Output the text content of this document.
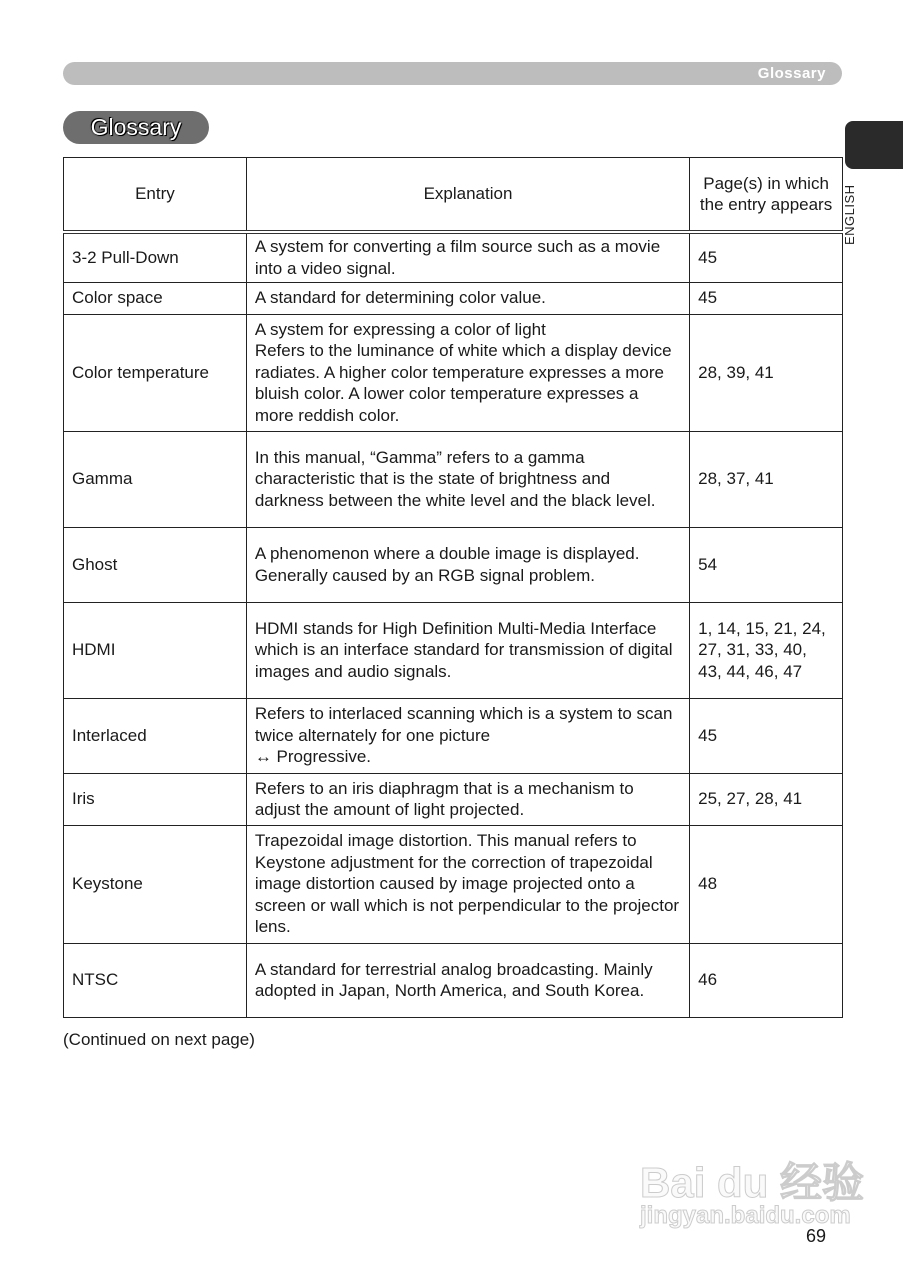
Glossary
Glossary
ENGLISH
Bai du 经验
jingyan.baidu.com
Entry	Explanation	Page(s) in which the entry appears
3-2 Pull-Down	A system for converting a film source such as a movie into a video signal.	45
Color space	A standard for determining color value.	45
Color temperature	A system for expressing a color of light
Refers to the luminance of white which a display device radiates. A higher color temperature expresses a more bluish color. A lower color temperature expresses a more reddish color.	28, 39, 41
Gamma	In this manual, “Gamma” refers to a gamma characteristic that is the state of brightness and darkness between the white level and the black level.	28, 37, 41
Ghost	A phenomenon where a double image is displayed.
Generally caused by an RGB signal problem.	54
HDMI	HDMI stands for High Definition Multi-Media Interface which is an interface standard for transmission of digital images and audio signals.	1, 14, 15, 21, 24, 27, 31, 33, 40, 43, 44, 46, 47
Interlaced	Refers to interlaced scanning which is a system to scan twice alternately for one picture
↔ Progressive.	45
Iris	Refers to an iris diaphragm that is a mechanism to adjust the amount of light projected.	25, 27, 28, 41
Keystone	Trapezoidal image distortion. This manual refers to Keystone adjustment for the correction of trapezoidal image distortion caused by image projected onto a screen or wall which is not perpendicular to the projector lens.	48
NTSC	A standard for terrestrial analog broadcasting. Mainly adopted in Japan, North America, and South Korea.	46
(Continued on next page)
69
